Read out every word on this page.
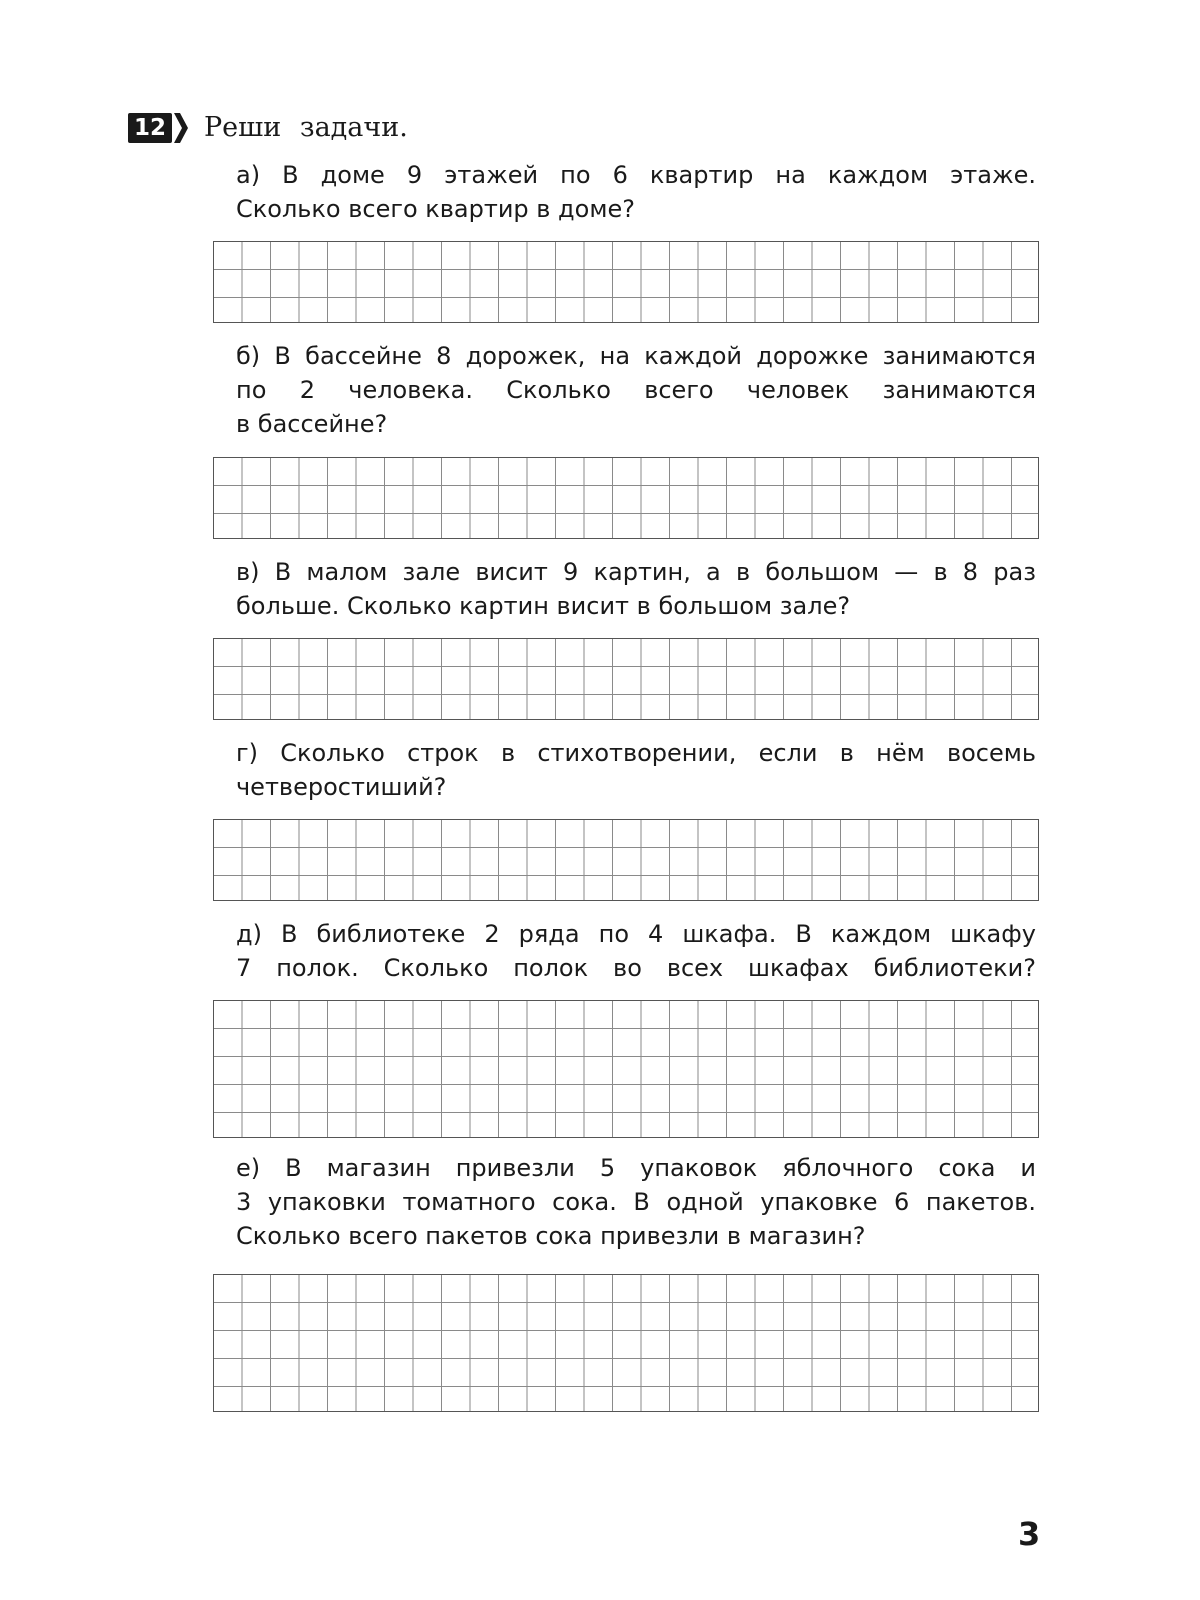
12 Реши задачи.

а) В доме 9 этажей по 6 квартир на каждом этаже.

Сколько всего квартир в доме?

б) В бассейне 8 дорожек, на каждой дорожке занимаются

по 2 человека. Сколько всего человек занимаются

в бассейне?

в) В малом зале висит 9 картин, а в большом — в 8 раз

больше. Сколько картин висит в большом зале?

г) Сколько строк в стихотворении, если в нём восемь

четверостиший?

д) В библиотеке 2 ряда по 4 шкафа. В каждом шкафу

7 полок. Сколько полок во всех шкафах библиотеки?

е) В магазин привезли 5 упаковок яблочного сока и

3 упаковки томатного сока. В одной упаковке 6 пакетов.

Сколько всего пакетов сока привезли в магазин?

3
